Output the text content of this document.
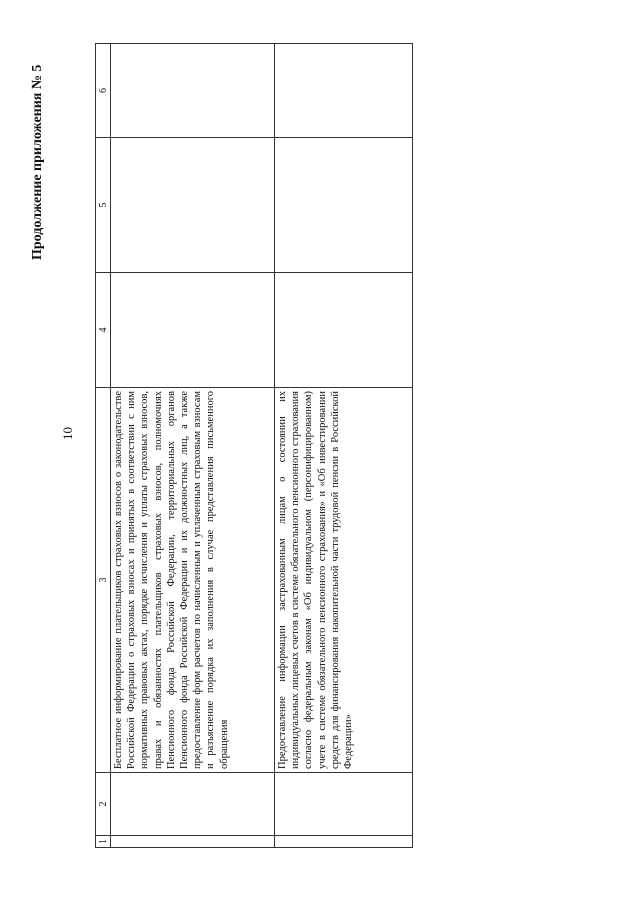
10
Продолжение приложения № 5
1	2	3	4	5	6
		Бесплатное информирование плательщиков страховых взносов о законодательстве Российской Федерации о страховых взносах и принятых в соответствии с ним нормативных правовых актах, порядке исчисления и уплаты страховых взносов, правах и обязанностях плательщиков страховых взносов, полномочиях Пенсионного фонда Российской Федерации, территориальных органов Пенсионного фонда Российской Федерации и их должностных лиц, а также предоставление форм расчетов по начисленным и уплаченным страховым взносам и разъяснение порядка их заполнения в случае представления письменного обращения			
		Предоставление информации застрахованным лицам о состоянии их индивидуальных лицевых счетов в системе обязательного пенсионного страхования согласно федеральным законам «Об индивидуальном (персонифицированном) учете в системе обязательного пенсионного страхования» и «Об инвестировании средств для финансирования накопительной части трудовой пенсии в Российской Федерации»			
